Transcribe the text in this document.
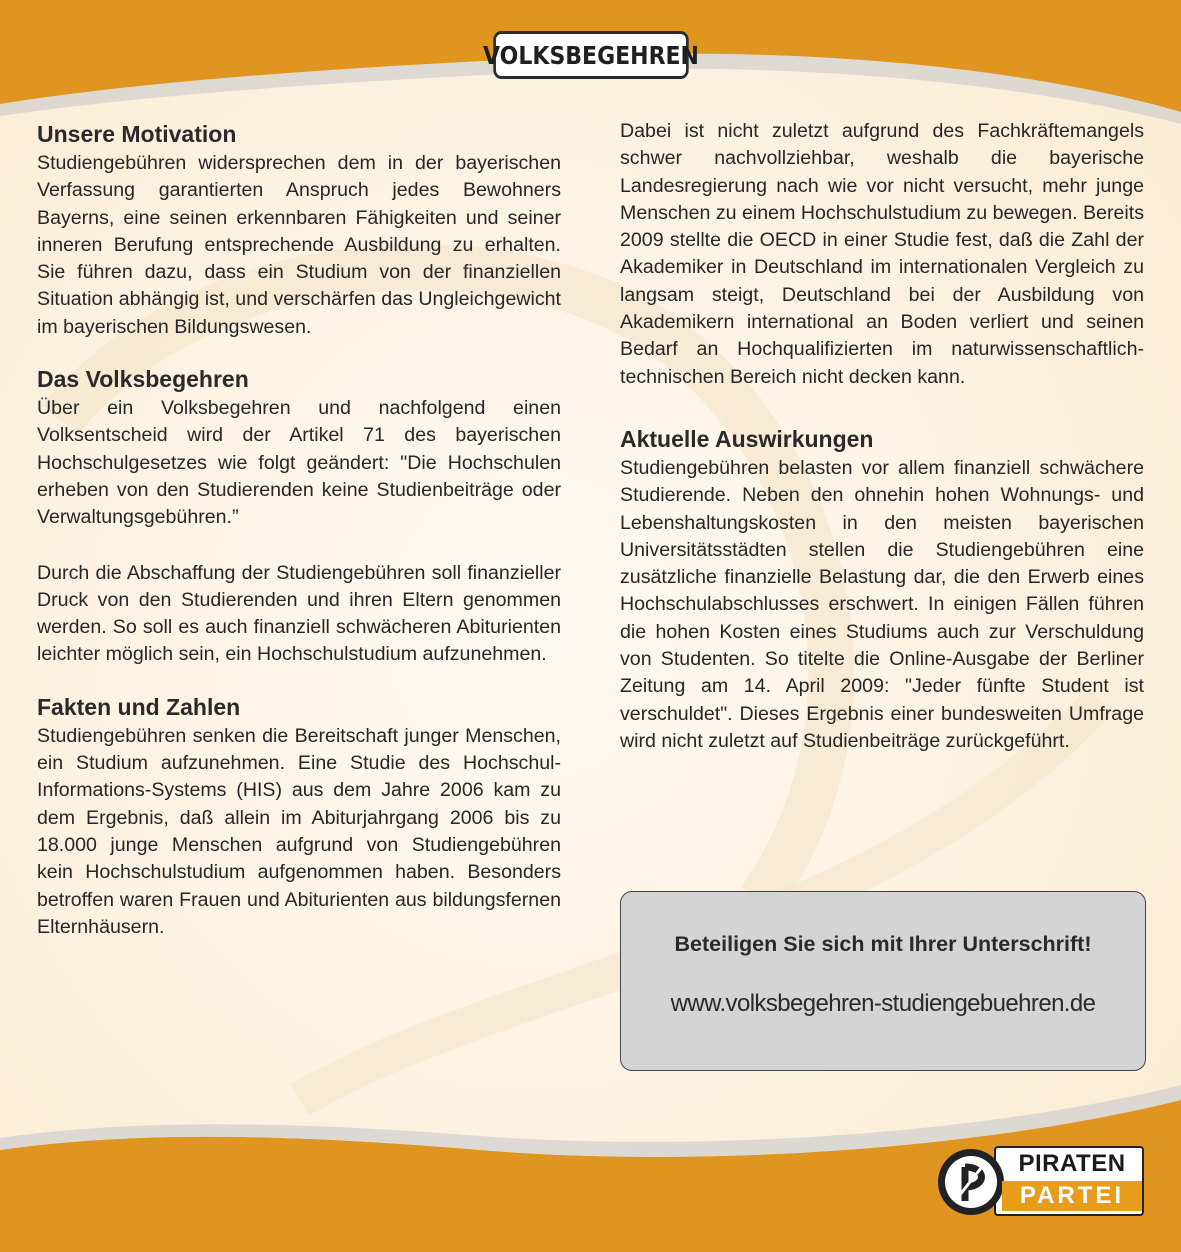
VOLKSBEGEHREN
Unsere Motivation

Studiengebühren widersprechen dem in der bayerischen Verfassung garantierten Anspruch jedes Bewohners Bayerns, eine seinen erkennbaren Fähigkeiten und seiner inneren Berufung entsprechende Ausbildung zu erhalten. Sie führen dazu, dass ein Studium von der finanziellen Situation abhängig ist, und verschärfen das Ungleichgewicht im bayerischen Bildungswesen.

Das Volksbegehren

Über ein Volksbegehren und nachfolgend einen Volksentscheid wird der Artikel 71 des bayerischen Hochschulgesetzes wie folgt geändert: "Die Hochschulen erheben von den Studierenden keine Studienbeiträge oder Verwaltungsgebühren.”

Durch die Abschaffung der Studiengebühren soll finanzieller Druck von den Studierenden und ihren Eltern genommen werden. So soll es auch finanziell schwächeren Abiturienten leichter möglich sein, ein Hochschulstudium aufzunehmen.

Fakten und Zahlen

Studiengebühren senken die Bereitschaft junger Menschen, ein Studium aufzunehmen. Eine Studie des Hochschul-Informations-Systems (HIS) aus dem Jahre 2006 kam zu dem Ergebnis, daß allein im Abiturjahrgang 2006 bis zu 18.000 junge Menschen aufgrund von Studiengebühren kein Hochschulstudium aufgenommen haben. Besonders betroffen waren Frauen und Abiturienten aus bildungsfernen Elternhäusern.

Dabei ist nicht zuletzt aufgrund des Fachkräftemangels schwer nachvollziehbar, weshalb die bayerische Landesregierung nach wie vor nicht versucht, mehr junge Menschen zu einem Hochschulstudium zu bewegen. Bereits 2009 stellte die OECD in einer Studie fest, daß die Zahl der Akademiker in Deutschland im internationalen Vergleich zu langsam steigt, Deutschland bei der Ausbildung von Akademikern international an Boden verliert und seinen Bedarf an Hochqualifizierten im naturwissenschaftlich-technischen Bereich nicht decken kann.

Aktuelle Auswirkungen

Studiengebühren belasten vor allem finanziell schwächere Studierende. Neben den ohnehin hohen Wohnungs- und Lebenshaltungskosten in den meisten bayerischen Universitätsstädten stellen die Studiengebühren eine zusätzliche finanzielle Belastung dar, die den Erwerb eines Hochschulabschlusses erschwert. In einigen Fällen führen die hohen Kosten eines Studiums auch zur Verschuldung von Studenten. So titelte die Online-Ausgabe der Berliner Zeitung am 14. April 2009: "Jeder fünfte Student ist verschuldet". Dieses Ergebnis einer bundesweiten Umfrage wird nicht zuletzt auf Studienbeiträge zurückgeführt.

Beteiligen Sie sich mit Ihrer Unterschrift!
www.volksbegehren-studiengebuehren.de
PIRATEN
PARTEI
